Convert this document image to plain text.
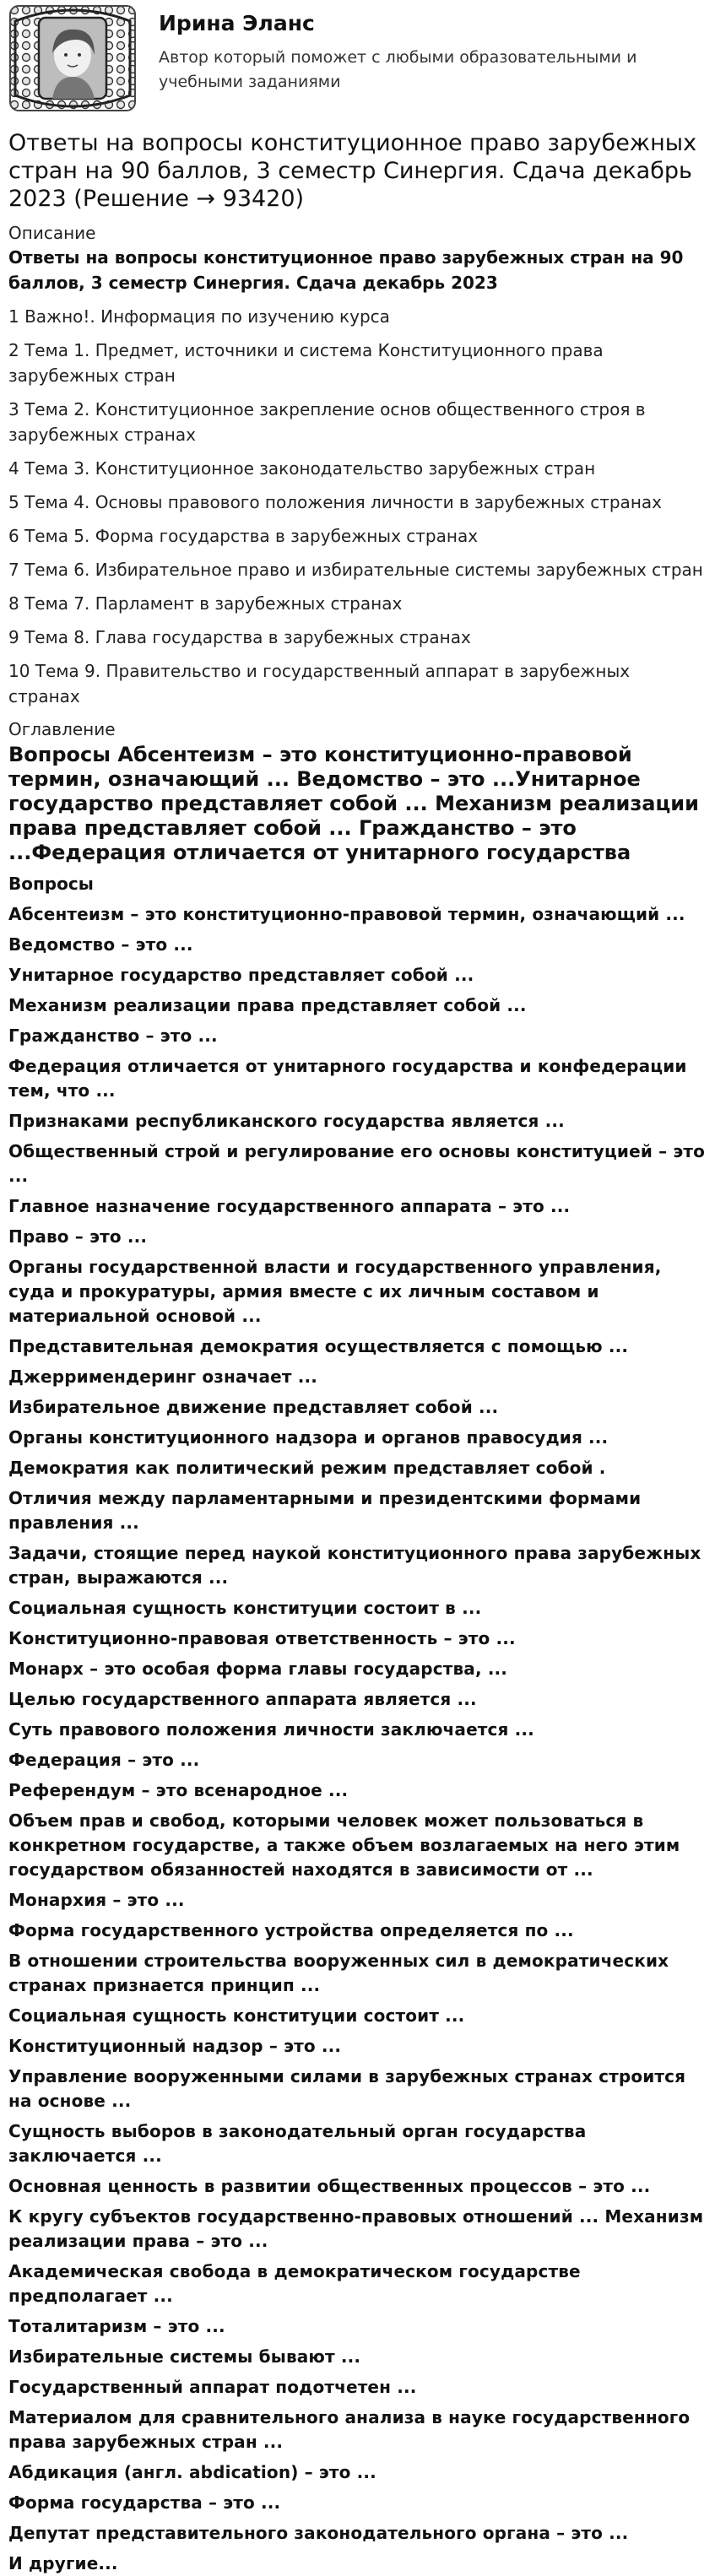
Ирина Эланс
Автор который поможет с любыми образовательными и учебными заданиями
Ответы на вопросы конституционное право зарубежных стран на 90 баллов, 3 семестр Синергия. Сдача декабрь 2023 (Решение → 93420)
Описание
Ответы на вопросы конституционное право зарубежных стран на 90 баллов, 3 семестр Синергия. Сдача декабрь 2023
1 Важно!. Информация по изучению курса
2 Тема 1. Предмет, источники и система Конституционного права зарубежных стран
3 Тема 2. Конституционное закрепление основ общественного строя в зарубежных странах
4 Тема 3. Конституционное законодательство зарубежных стран
5 Тема 4. Основы правового положения личности в зарубежных странах
6 Тема 5. Форма государства в зарубежных странах
7 Тема 6. Избирательное право и избирательные системы зарубежных стран
8 Тема 7. Парламент в зарубежных странах
9 Тема 8. Глава государства в зарубежных странах
10 Тема 9. Правительство и государственный аппарат в зарубежных странах
Оглавление
Вопросы Абсентеизм – это конституционно-правовой термин, означающий ... Ведомство – это ...Унитарное государство представляет собой ... Механизм реализации права представляет собой ... Гражданство – это ...Федерация отличается от унитарного государства
Вопросы
Абсентеизм – это конституционно-правовой термин, означающий ...
Ведомство – это ...
Унитарное государство представляет собой ...
Механизм реализации права представляет собой ...
Гражданство – это ...
Федерация отличается от унитарного государства и конфедерации тем, что ...
Признаками республиканского государства является ...
Общественный строй и регулирование его основы конституцией – это ...
Главное назначение государственного аппарата – это ...
Право – это ...
Органы государственной власти и государственного управления, суда и прокуратуры, армия вместе с их личным составом и материальной основой ...
Представительная демократия осуществляется с помощью ...
Джерримендеринг означает ...
Избирательное движение представляет собой ...
Органы конституционного надзора и органов правосудия ...
Демократия как политический режим представляет собой .
Отличия между парламентарными и президентскими формами правления ...
Задачи, стоящие перед наукой конституционного права зарубежных стран, выражаются ...
Социальная сущность конституции состоит в ...
Конституционно-правовая ответственность – это ...
Монарх – это особая форма главы государства, ...
Целью государственного аппарата является ...
Суть правового положения личности заключается ...
Федерация – это ...
Референдум – это всенародное ...
Объем прав и свобод, которыми человек может пользоваться в конкретном государстве, а также объем возлагаемых на него этим государством обязанностей находятся в зависимости от ...
Монархия – это ...
Форма государственного устройства определяется по ...
В отношении строительства вооруженных сил в демократических странах признается принцип ...
Социальная сущность конституции состоит ...
Конституционный надзор – это ...
Управление вооруженными силами в зарубежных странах строится на основе ...
Сущность выборов в законодательный орган государства заключается ...
Основная ценность в развитии общественных процессов – это ...
К кругу субъектов государственно-правовых отношений ... Механизм реализации права – это ...
Академическая свобода в демократическом государстве предполагает ...
Тоталитаризм – это ...
Избирательные системы бывают ...
Государственный аппарат подотчетен ...
Материалом для сравнительного анализа в науке государственного права зарубежных стран ...
Абдикация (англ. abdication) – это ...
Форма государства – это ...
Депутат представительного законодательного органа – это ...
И другие...
